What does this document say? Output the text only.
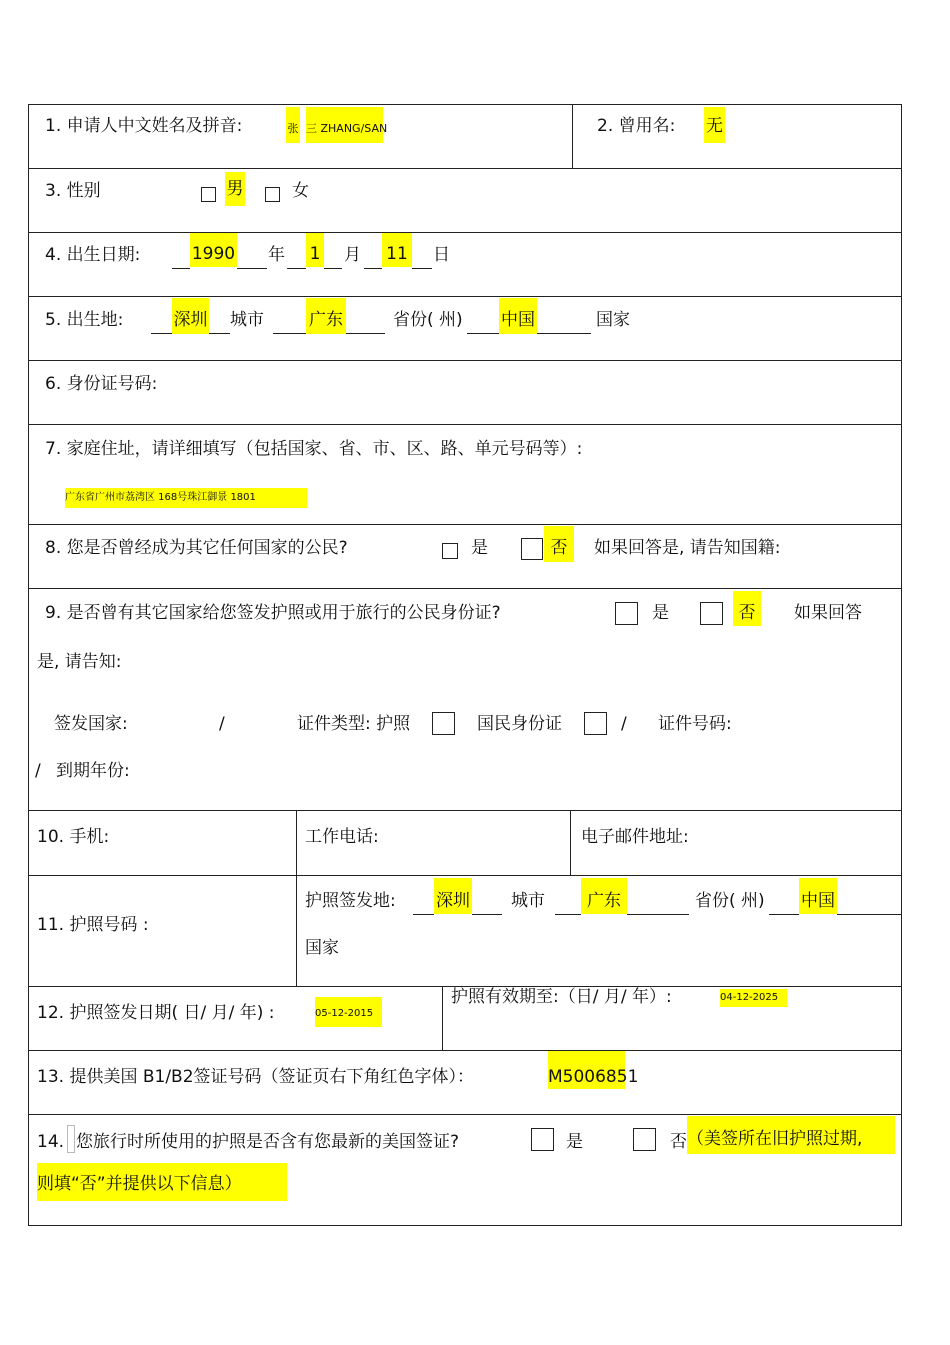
1. 申请人中文姓名及拼音:	张 三 ZHANG/SAN	2. 曾用名: 无
3. 性别	男	女
4. 出生日期:	1990 年 1 月 11 日
5. 出生地:	深圳 城市	广东	省份( 州) 中国	国家
6. 身份证号码:
7. 家庭住址，请详细填写（包括国家、省、市、区、路、单元号码等）:
广东省广州市荔湾区 168号珠江御景 1801
8. 您是否曾经成为其它任何国家的公民?	是	否	如果回答是, 请告知国籍:
9. 是否曾有其它国家给您签发护照或用于旅行的公民身份证?	是	否	如果回答
是, 请告知:
签发国家:	/	证件类型: 护照	国民身份证	/ 证件号码:
/ 到期年份:
10. 手机:	工作电话:	电子邮件地址:
11. 护照号码 :
护照签发地: 深圳 城市	广东	省份( 州) 中国
国家
12. 护照签发日期( 日/ 月/ 年) :	05-12-2015
护照有效期至:（日/ 月/ 年）:	04-12-2025
13. 提供美国 B1/B2签证号码（签证页右下角红色字体）：	M5006851
14. 您旅行时所使用的护照是否含有您最新的美国签证?	是	否 （美签所在旧护照过期,
则填“否”并提供以下信息）
